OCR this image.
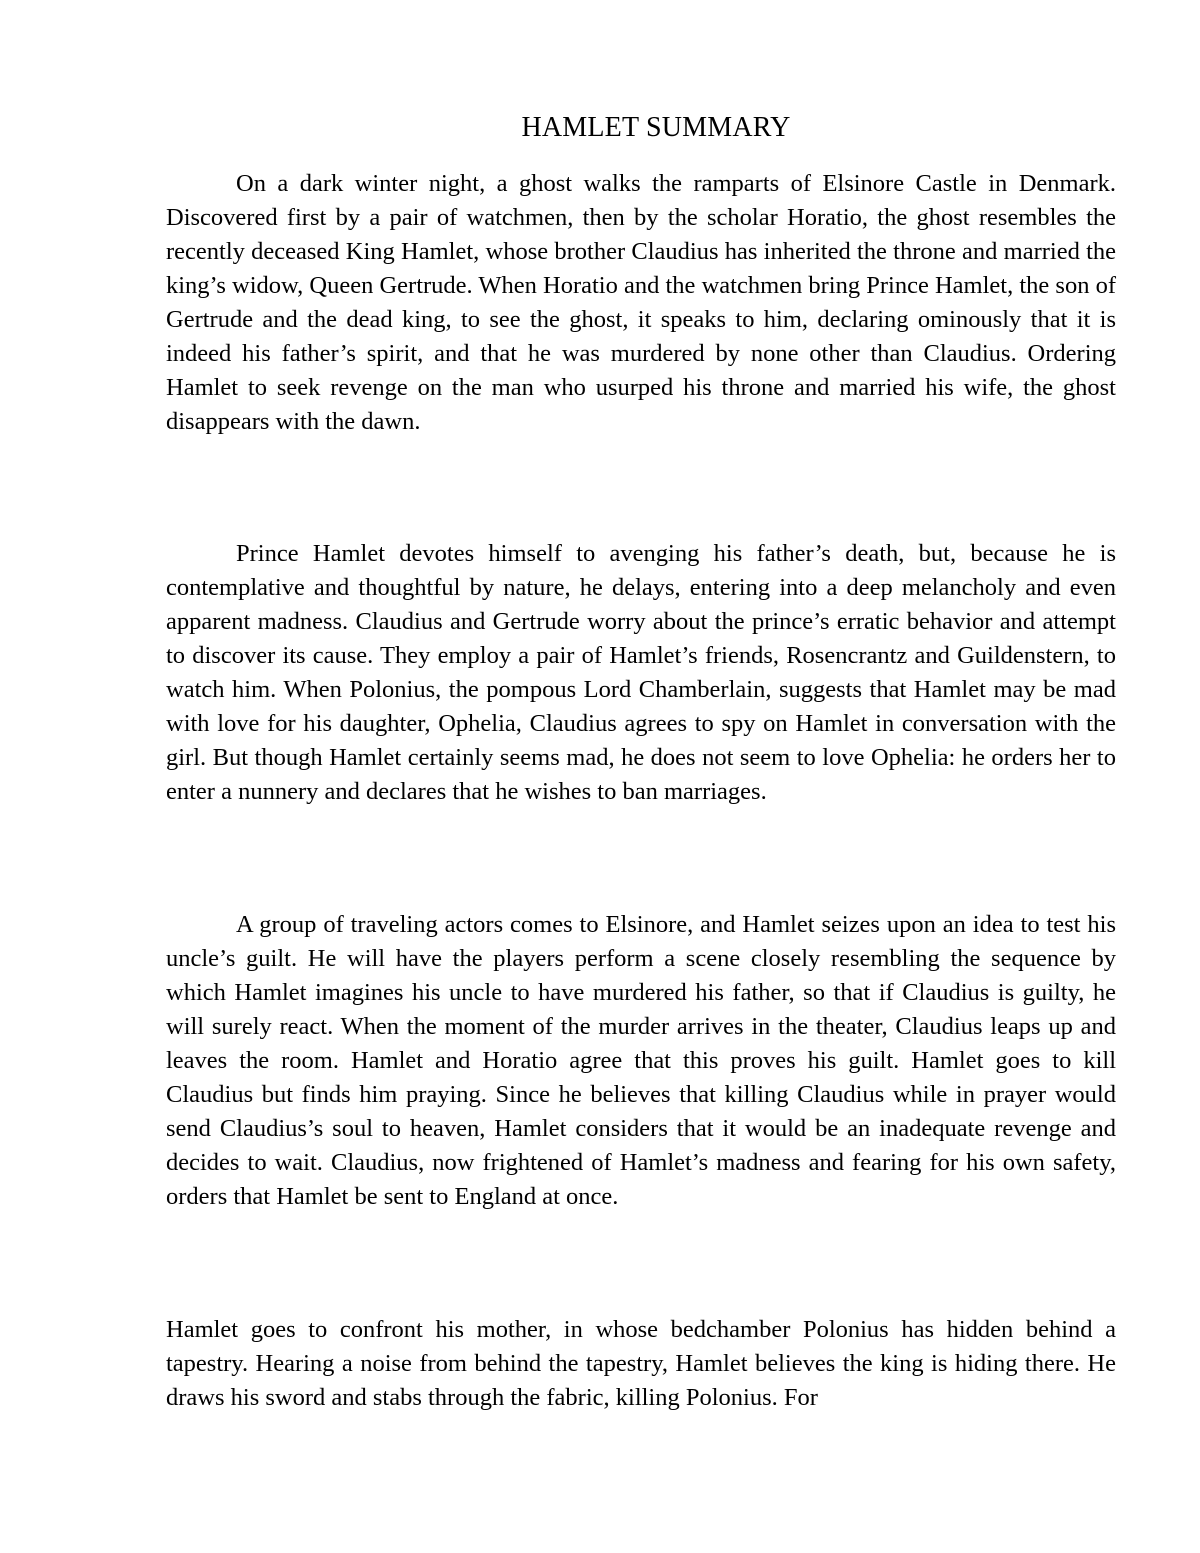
HAMLET SUMMARY

On a dark winter night, a ghost walks the ramparts of Elsinore Castle in Denmark. Discovered first by a pair of watchmen, then by the scholar Horatio, the ghost resembles the recently deceased King Hamlet, whose brother Claudius has inherited the throne and married the king’s widow, Queen Gertrude. When Horatio and the watchmen bring Prince Hamlet, the son of Gertrude and the dead king, to see the ghost, it speaks to him, declaring ominously that it is indeed his father’s spirit, and that he was murdered by none other than Claudius. Ordering Hamlet to seek revenge on the man who usurped his throne and married his wife, the ghost disappears with the dawn.

Prince Hamlet devotes himself to avenging his father’s death, but, because he is contemplative and thoughtful by nature, he delays, entering into a deep melancholy and even apparent madness. Claudius and Gertrude worry about the prince’s erratic behavior and attempt to discover its cause. They employ a pair of Hamlet’s friends, Rosencrantz and Guildenstern, to watch him. When Polonius, the pompous Lord Chamberlain, suggests that Hamlet may be mad with love for his daughter, Ophelia, Claudius agrees to spy on Hamlet in conversation with the girl. But though Hamlet certainly seems mad, he does not seem to love Ophelia: he orders her to enter a nunnery and declares that he wishes to ban marriages.

A group of traveling actors comes to Elsinore, and Hamlet seizes upon an idea to test his uncle’s guilt. He will have the players perform a scene closely resembling the sequence by which Hamlet imagines his uncle to have murdered his father, so that if Claudius is guilty, he will surely react. When the moment of the murder arrives in the theater, Claudius leaps up and leaves the room. Hamlet and Horatio agree that this proves his guilt. Hamlet goes to kill Claudius but finds him praying. Since he believes that killing Claudius while in prayer would send Claudius’s soul to heaven, Hamlet considers that it would be an inadequate revenge and decides to wait. Claudius, now frightened of Hamlet’s madness and fearing for his own safety, orders that Hamlet be sent to England at once.

Hamlet goes to confront his mother, in whose bedchamber Polonius has hidden behind a tapestry. Hearing a noise from behind the tapestry, Hamlet believes the king is hiding there. He draws his sword and stabs through the fabric, killing Polonius. For
